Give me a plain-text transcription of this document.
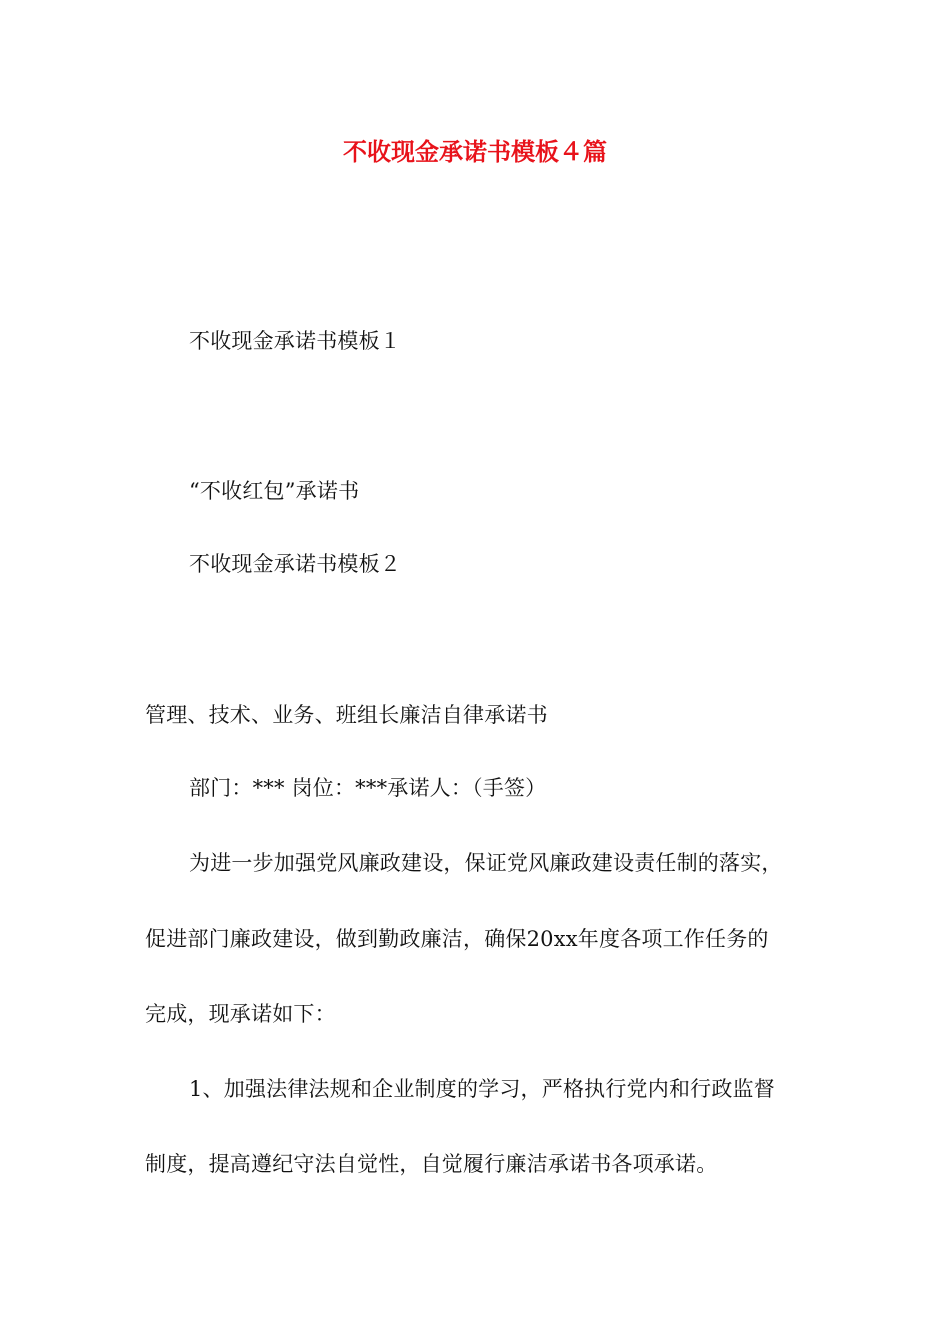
不收现金承诺书模板４篇
不收现金承诺书模板１
“不收红包”承诺书
不收现金承诺书模板２
管理、技术、业务、班组长廉洁自律承诺书
部门：*** 岗位：***承诺人：（手签）
为进一步加强党风廉政建设，保证党风廉政建设责任制的落实，
促进部门廉政建设，做到勤政廉洁，确保20xx年度各项工作任务的
完成，现承诺如下：
1、加强法律法规和企业制度的学习，严格执行党内和行政监督
制度，提高遵纪守法自觉性，自觉履行廉洁承诺书各项承诺。
